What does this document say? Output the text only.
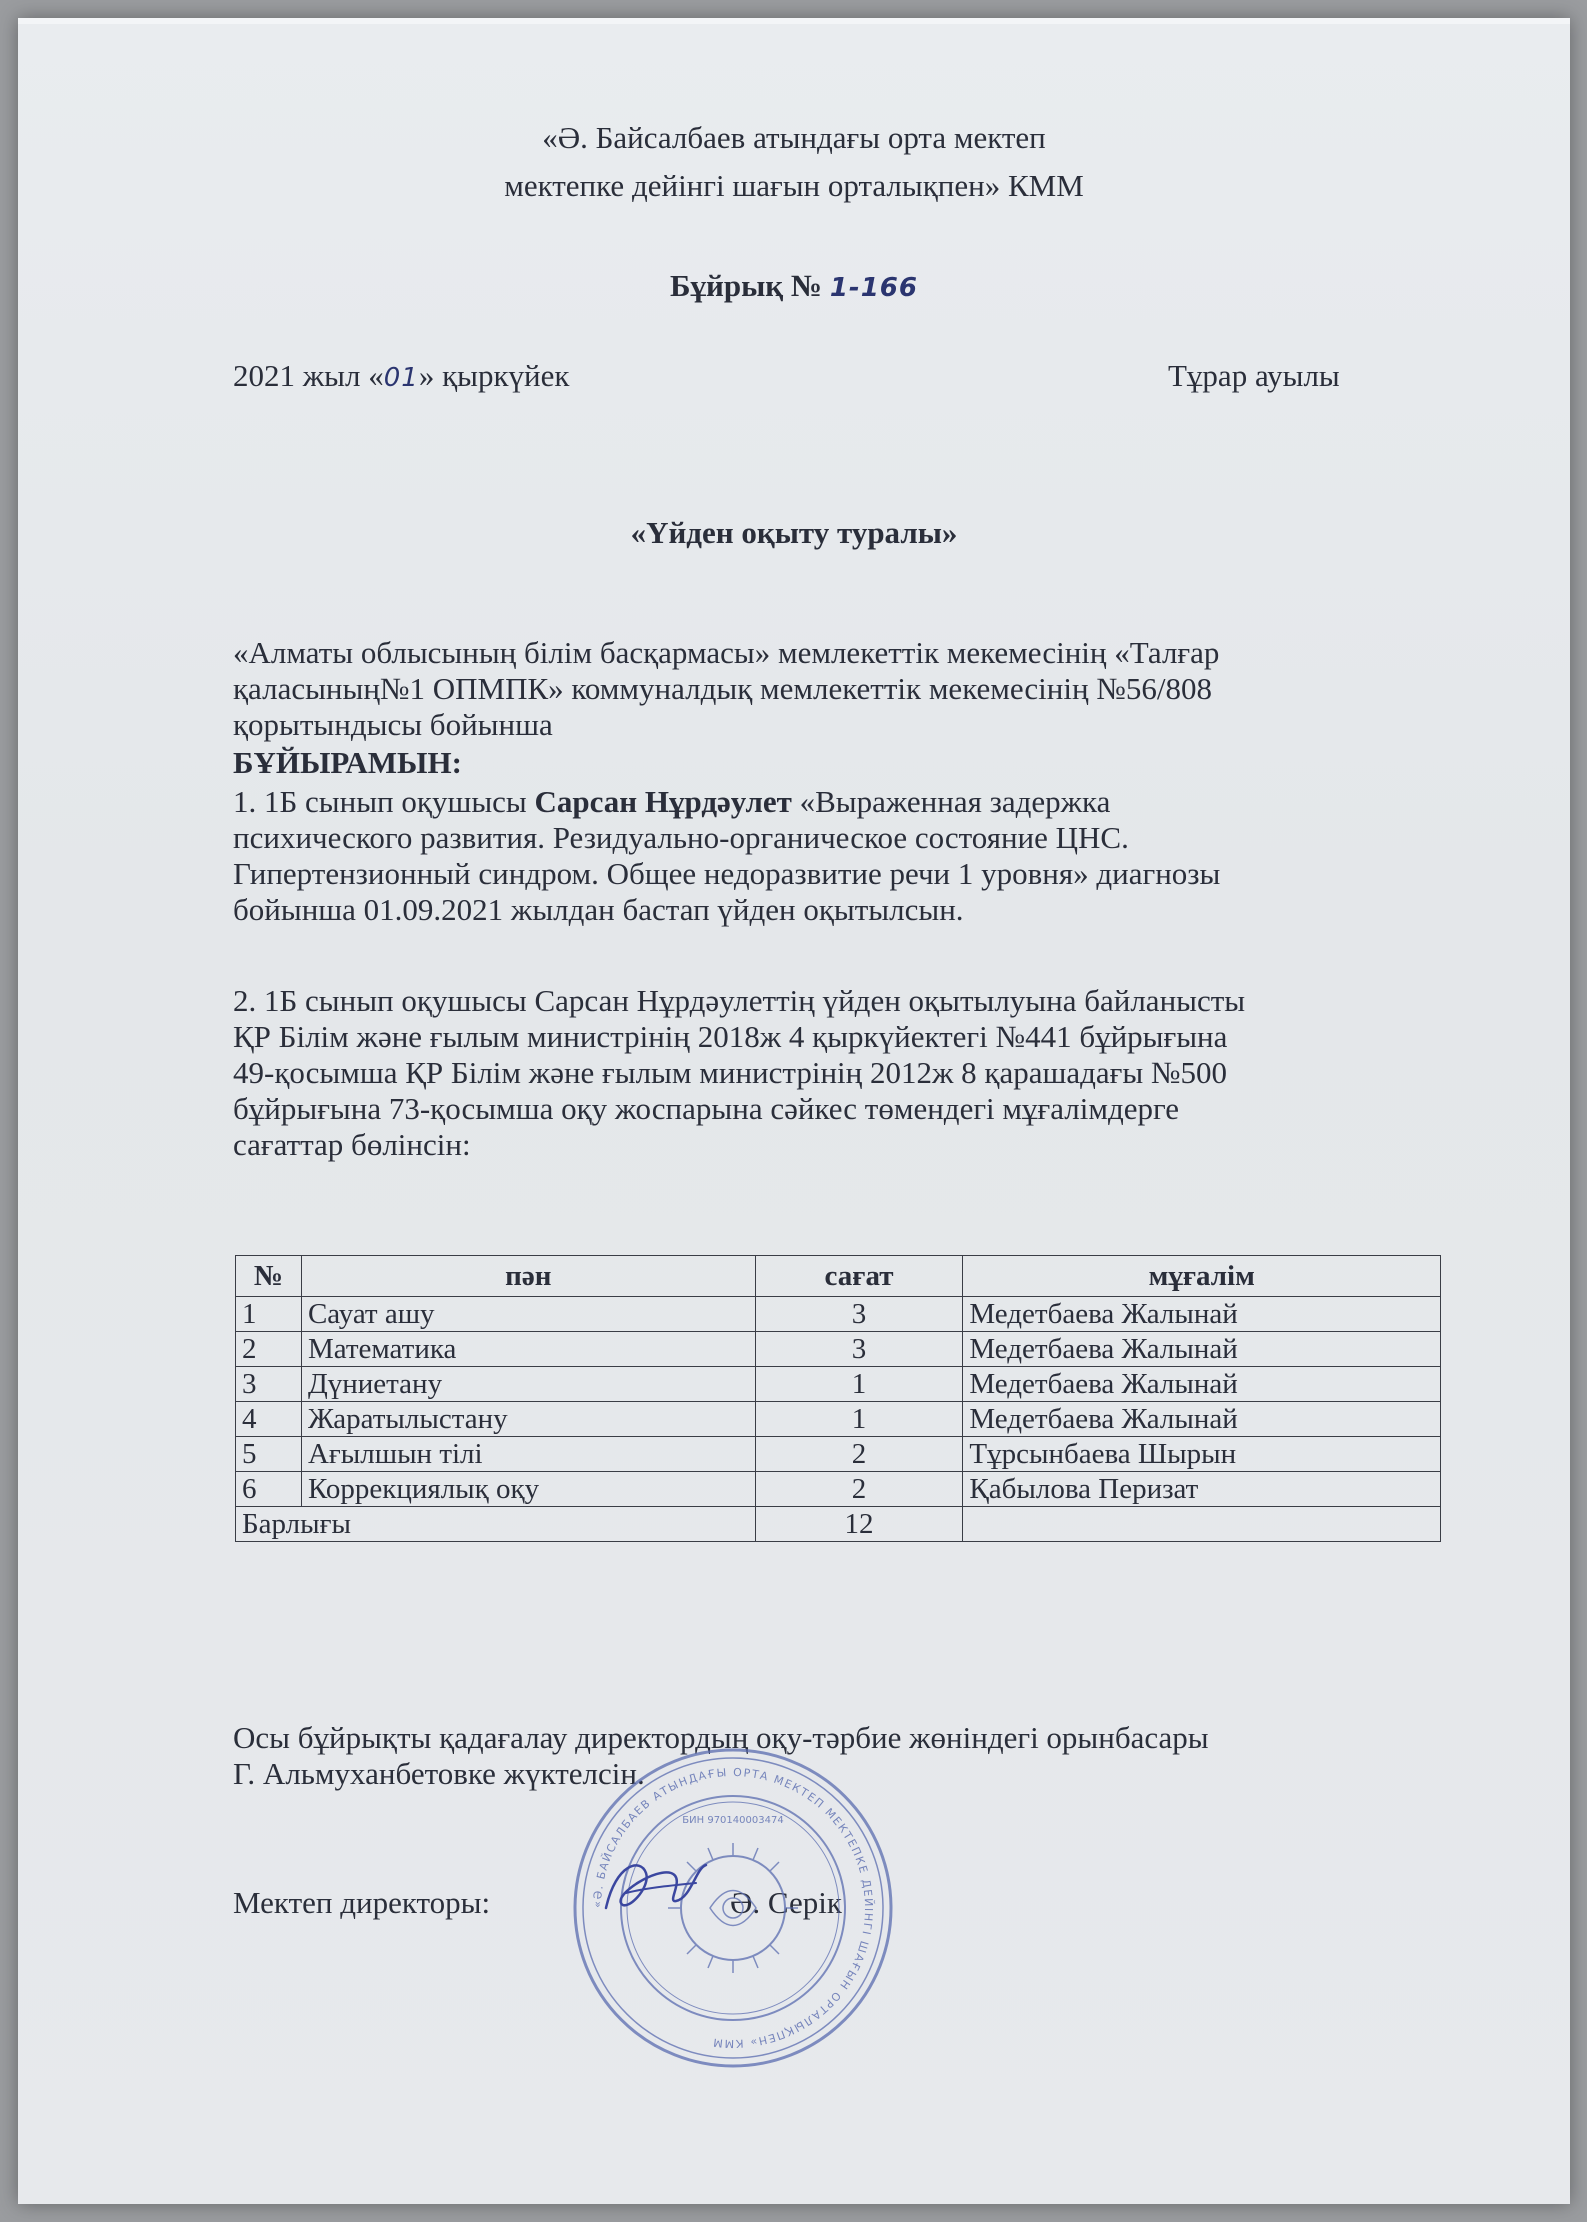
«Ә. Байсалбаев атындағы орта мектеп
мектепке дейінгі шағын орталықпен» КММ
Бұйрық № 1-166
2021 жыл «01» қыркүйек	Тұрар ауылы
«Үйден оқыту туралы»
«Алматы облысының білім басқармасы» мемлекеттік мекемесінің «Талғар
қаласының№1 ОПМПК» коммуналдық мемлекеттік мекемесінің №56/808
қорытындысы бойынша
БҰЙЫРАМЫН:
1. 1Б сынып оқушысы Сарсан Нұрдәулет «Выраженная задержка
психического развития. Резидуально-органическое состояние ЦНС.
Гипертензионный синдром. Общее недоразвитие речи 1 уровня» диагнозы
бойынша 01.09.2021 жылдан бастап үйден оқытылсын.
2. 1Б сынып оқушысы Сарсан Нұрдәулеттің үйден оқытылуына байланысты
ҚР Білім және ғылым министрінің 2018ж 4 қыркүйектегі №441 бұйрығына
49-қосымша ҚР Білім және ғылым министрінің 2012ж 8 қарашадағы №500
бұйрығына 73-қосымша оқу жоспарына сәйкес төмендегі мұғалімдерге
сағаттар бөлінсін:
№	пән	сағат	мұғалім
1	Сауат ашу	3	Медетбаева Жалынай
2	Математика	3	Медетбаева Жалынай
3	Дүниетану	1	Медетбаева Жалынай
4	Жаратылыстану	1	Медетбаева Жалынай
5	Ағылшын тілі	2	Тұрсынбаева Шырын
6	Коррекциялық оқу	2	Қабылова Перизат
Барлығы		12	
Осы бұйрықты қадағалау директордың оқу-тәрбие жөніндегі орынбасары
Г. Альмуханбетовке жүктелсін.
Мектеп директоры:	Ә. Серік
«Ә. БАЙСАЛБАЕВ АТЫНДАҒЫ ОРТА МЕКТЕП МЕКТЕПКЕ ДЕЙІНГІ ШАҒЫН ОРТАЛЫҚПЕН» КММ
БИН 970140003474
